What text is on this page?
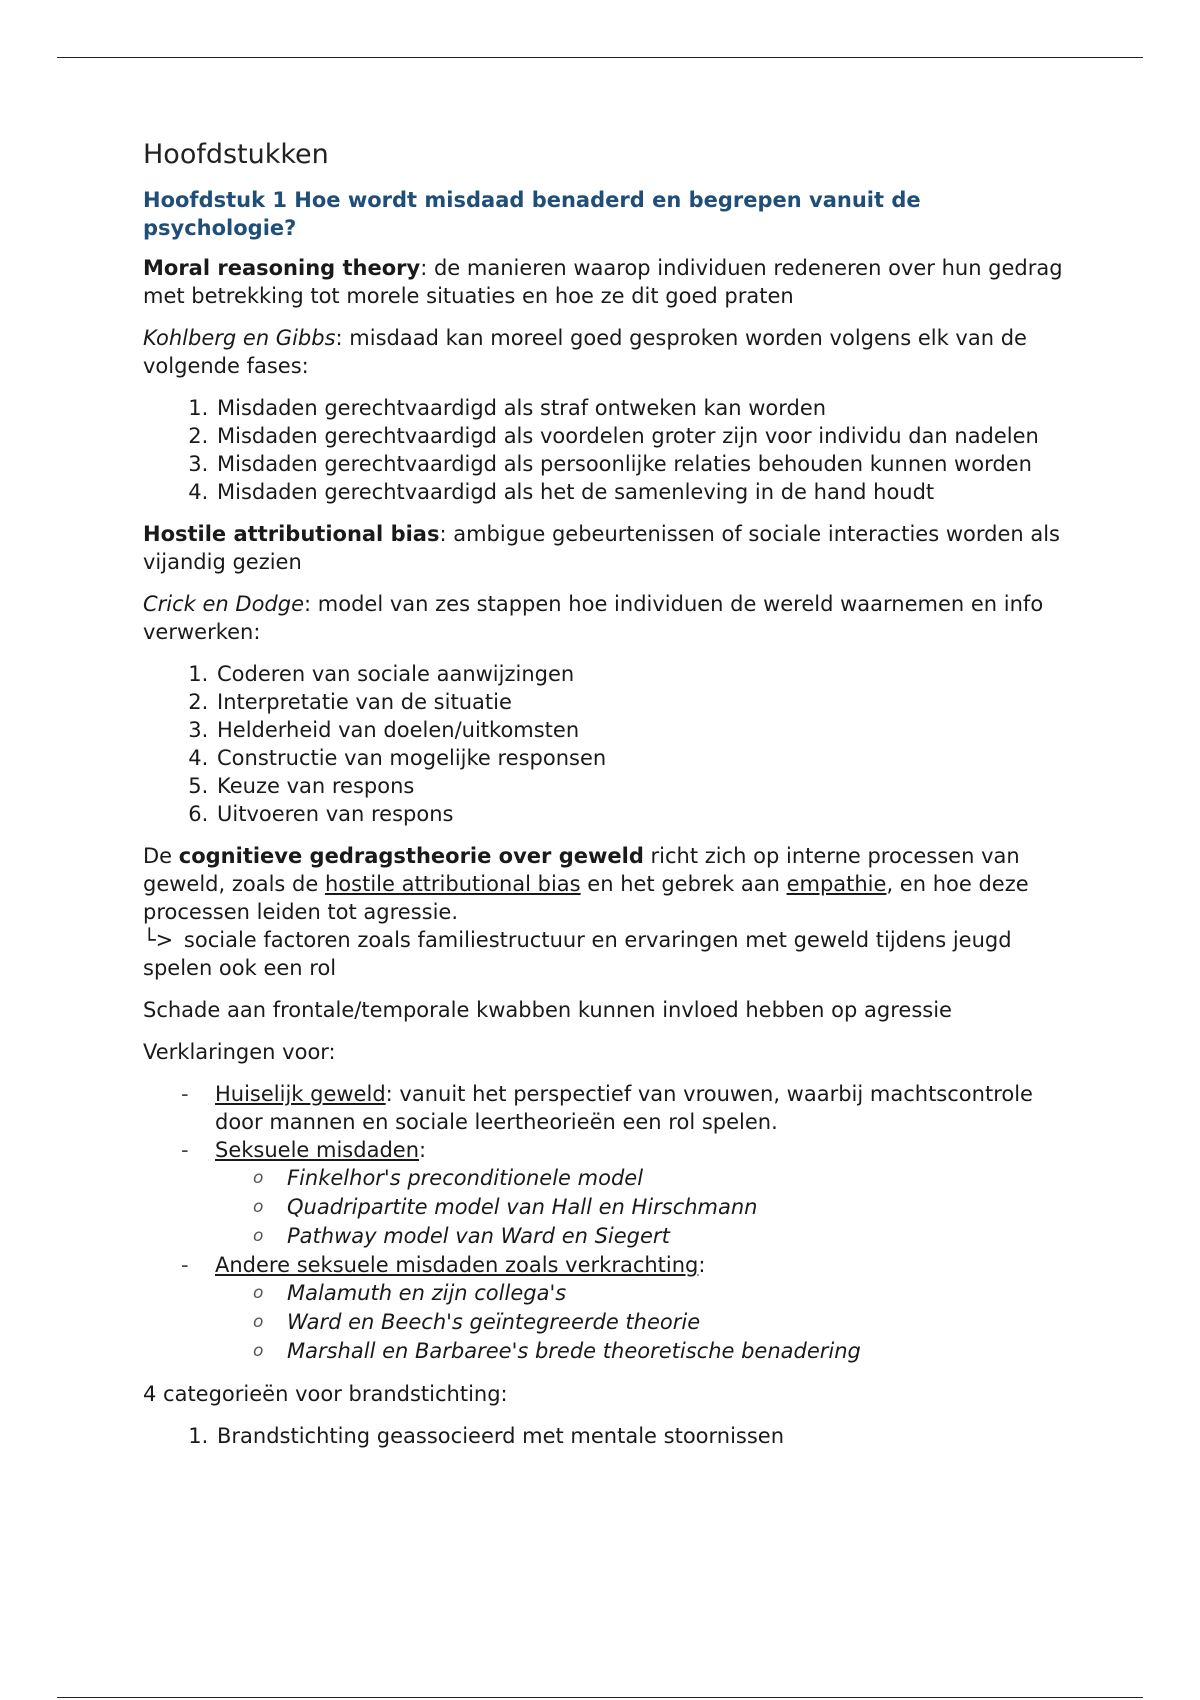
Hoofdstukken
Hoofdstuk 1 Hoe wordt misdaad benaderd en begrepen vanuit de psychologie?

Moral reasoning theory: de manieren waarop individuen redeneren over hun gedrag met betrekking tot morele situaties en hoe ze dit goed praten

Kohlberg en Gibbs: misdaad kan moreel goed gesproken worden volgens elk van de volgende fases:

1. Misdaden gerechtvaardigd als straf ontweken kan worden
2. Misdaden gerechtvaardigd als voordelen groter zijn voor individu dan nadelen
3. Misdaden gerechtvaardigd als persoonlijke relaties behouden kunnen worden
4. Misdaden gerechtvaardigd als het de samenleving in de hand houdt

Hostile attributional bias: ambigue gebeurtenissen of sociale interacties worden als vijandig gezien

Crick en Dodge: model van zes stappen hoe individuen de wereld waarnemen en info verwerken:

1. Coderen van sociale aanwijzingen
2. Interpretatie van de situatie
3. Helderheid van doelen/uitkomsten
4. Constructie van mogelijke responsen
5. Keuze van respons
6. Uitvoeren van respons

De cognitieve gedragstheorie over geweld richt zich op interne processen van geweld, zoals de hostile attributional bias en het gebrek aan empathie, en hoe deze processen leiden tot agressie.
└> sociale factoren zoals familiestructuur en ervaringen met geweld tijdens jeugd spelen ook een rol

Schade aan frontale/temporale kwabben kunnen invloed hebben op agressie

Verklaringen voor:

- Huiselijk geweld: vanuit het perspectief van vrouwen, waarbij machtscontrole door mannen en sociale leertheorieën een rol spelen.
- Seksuele misdaden:
o Finkelhor's preconditionele model
o Quadripartite model van Hall en Hirschmann
o Pathway model van Ward en Siegert
- Andere seksuele misdaden zoals verkrachting:
o Malamuth en zijn collega's
o Ward en Beech's geïntegreerde theorie
o Marshall en Barbaree's brede theoretische benadering

4 categorieën voor brandstichting:

1. Brandstichting geassocieerd met mentale stoornissen
